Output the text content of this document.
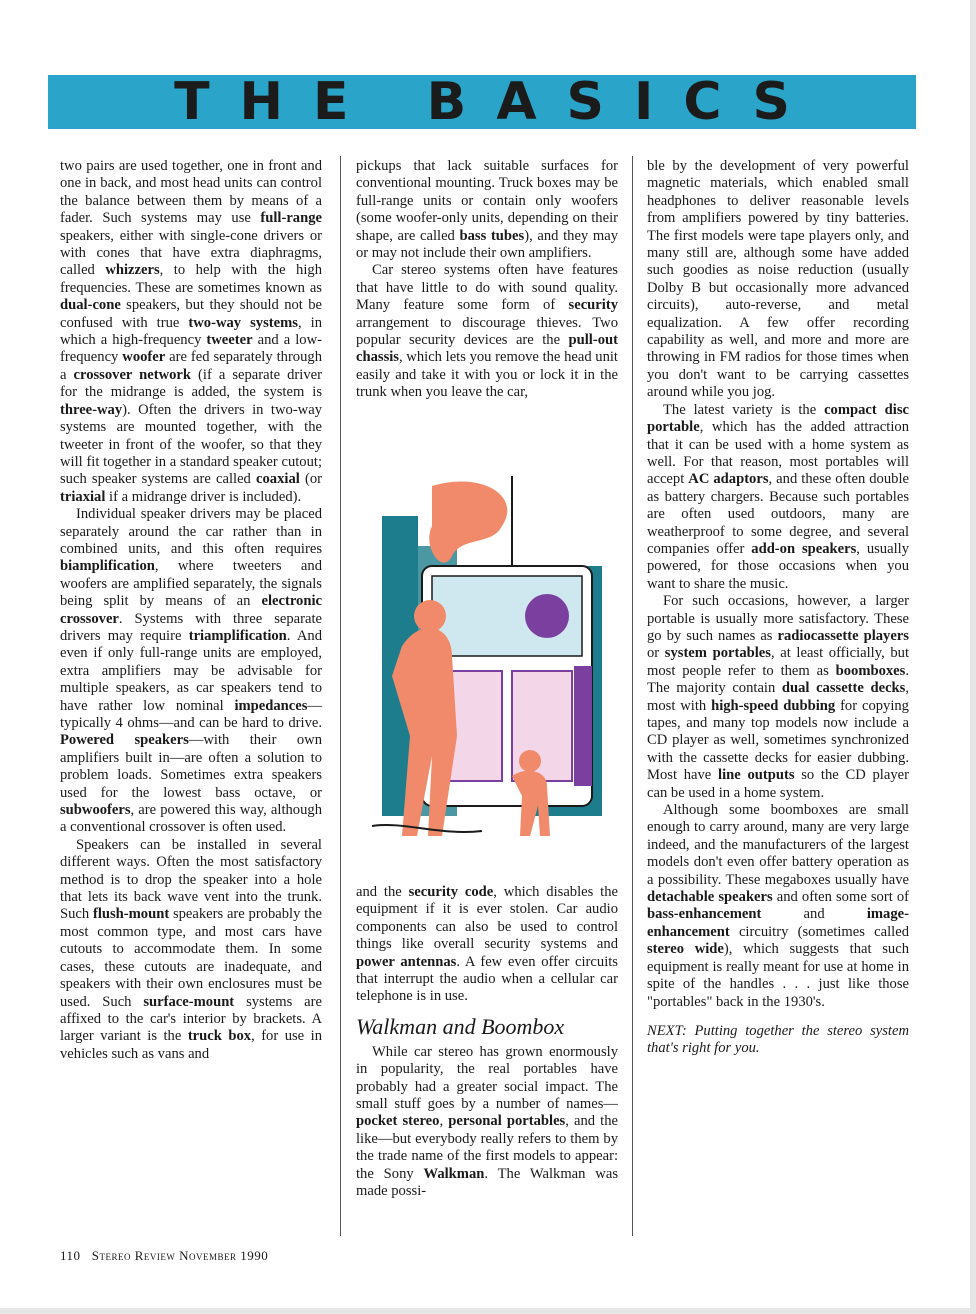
THE BASICS

two pairs are used together, one in front and one in back, and most head units can control the balance between them by means of a fader. Such systems may use full-range speakers, either with single-cone drivers or with cones that have extra diaphragms, called whizzers, to help with the high frequencies. These are sometimes known as dual-cone speakers, but they should not be confused with true two-way systems, in which a high-frequency tweeter and a low-frequency woofer are fed separately through a crossover network (if a separate driver for the midrange is added, the system is three-way). Often the drivers in two-way systems are mounted together, with the tweeter in front of the woofer, so that they will fit together in a standard speaker cutout; such speaker systems are called coaxial (or triaxial if a midrange driver is included).

Individual speaker drivers may be placed separately around the car rather than in combined units, and this often requires biamplification, where tweeters and woofers are amplified separately, the signals being split by means of an electronic crossover. Systems with three separate drivers may require triamplification. And even if only full-range units are employed, extra amplifiers may be advisable for multiple speakers, as car speakers tend to have rather low nominal impedances—typically 4 ohms—and can be hard to drive. Powered speakers—with their own amplifiers built in—are often a solution to problem loads. Sometimes extra speakers used for the lowest bass octave, or subwoofers, are powered this way, although a conventional crossover is often used.

Speakers can be installed in several different ways. Often the most satisfactory method is to drop the speaker into a hole that lets its back wave vent into the trunk. Such flush-mount speakers are probably the most common type, and most cars have cutouts to accommodate them. In some cases, these cutouts are inadequate, and speakers with their own enclosures must be used. Such surface-mount systems are affixed to the car's interior by brackets. A larger variant is the truck box, for use in vehicles such as vans and

pickups that lack suitable surfaces for conventional mounting. Truck boxes may be full-range units or contain only woofers (some woofer-only units, depending on their shape, are called bass tubes), and they may or may not include their own amplifiers.

Car stereo systems often have features that have little to do with sound quality. Many feature some form of security arrangement to discourage thieves. Two popular security devices are the pull-out chassis, which lets you remove the head unit easily and take it with you or lock it in the trunk when you leave the car,

and the security code, which disables the equipment if it is ever stolen. Car audio components can also be used to control things like overall security systems and power antennas. A few even offer circuits that interrupt the audio when a cellular car telephone is in use.

Walkman and Boombox

While car stereo has grown enormously in popularity, the real portables have probably had a greater social impact. The small stuff goes by a number of names—pocket stereo, personal portables, and the like—but everybody really refers to them by the trade name of the first models to appear: the Sony Walkman. The Walkman was made possi-

ble by the development of very powerful magnetic materials, which enabled small headphones to deliver reasonable levels from amplifiers powered by tiny batteries. The first models were tape players only, and many still are, although some have added such goodies as noise reduction (usually Dolby B but occasionally more advanced circuits), auto-reverse, and metal equalization. A few offer recording capability as well, and more and more are throwing in FM radios for those times when you don't want to be carrying cassettes around while you jog.

The latest variety is the compact disc portable, which has the added attraction that it can be used with a home system as well. For that reason, most portables will accept AC adaptors, and these often double as battery chargers. Because such portables are often used outdoors, many are weatherproof to some degree, and several companies offer add-on speakers, usually powered, for those occasions when you want to share the music.

For such occasions, however, a larger portable is usually more satisfactory. These go by such names as radiocassette players or system portables, at least officially, but most people refer to them as boomboxes. The majority contain dual cassette decks, most with high-speed dubbing for copying tapes, and many top models now include a CD player as well, sometimes synchronized with the cassette decks for easier dubbing. Most have line outputs so the CD player can be used in a home system.

Although some boomboxes are small enough to carry around, many are very large indeed, and the manufacturers of the largest models don't even offer battery operation as a possibility. These megaboxes usually have detachable speakers and often some sort of bass-enhancement and image-enhancement circuitry (sometimes called stereo wide), which suggests that such equipment is really meant for use at home in spite of the handles . . . just like those "portables" back in the 1930's.

NEXT: Putting together the stereo system that's right for you.

110 Stereo Review November 1990
